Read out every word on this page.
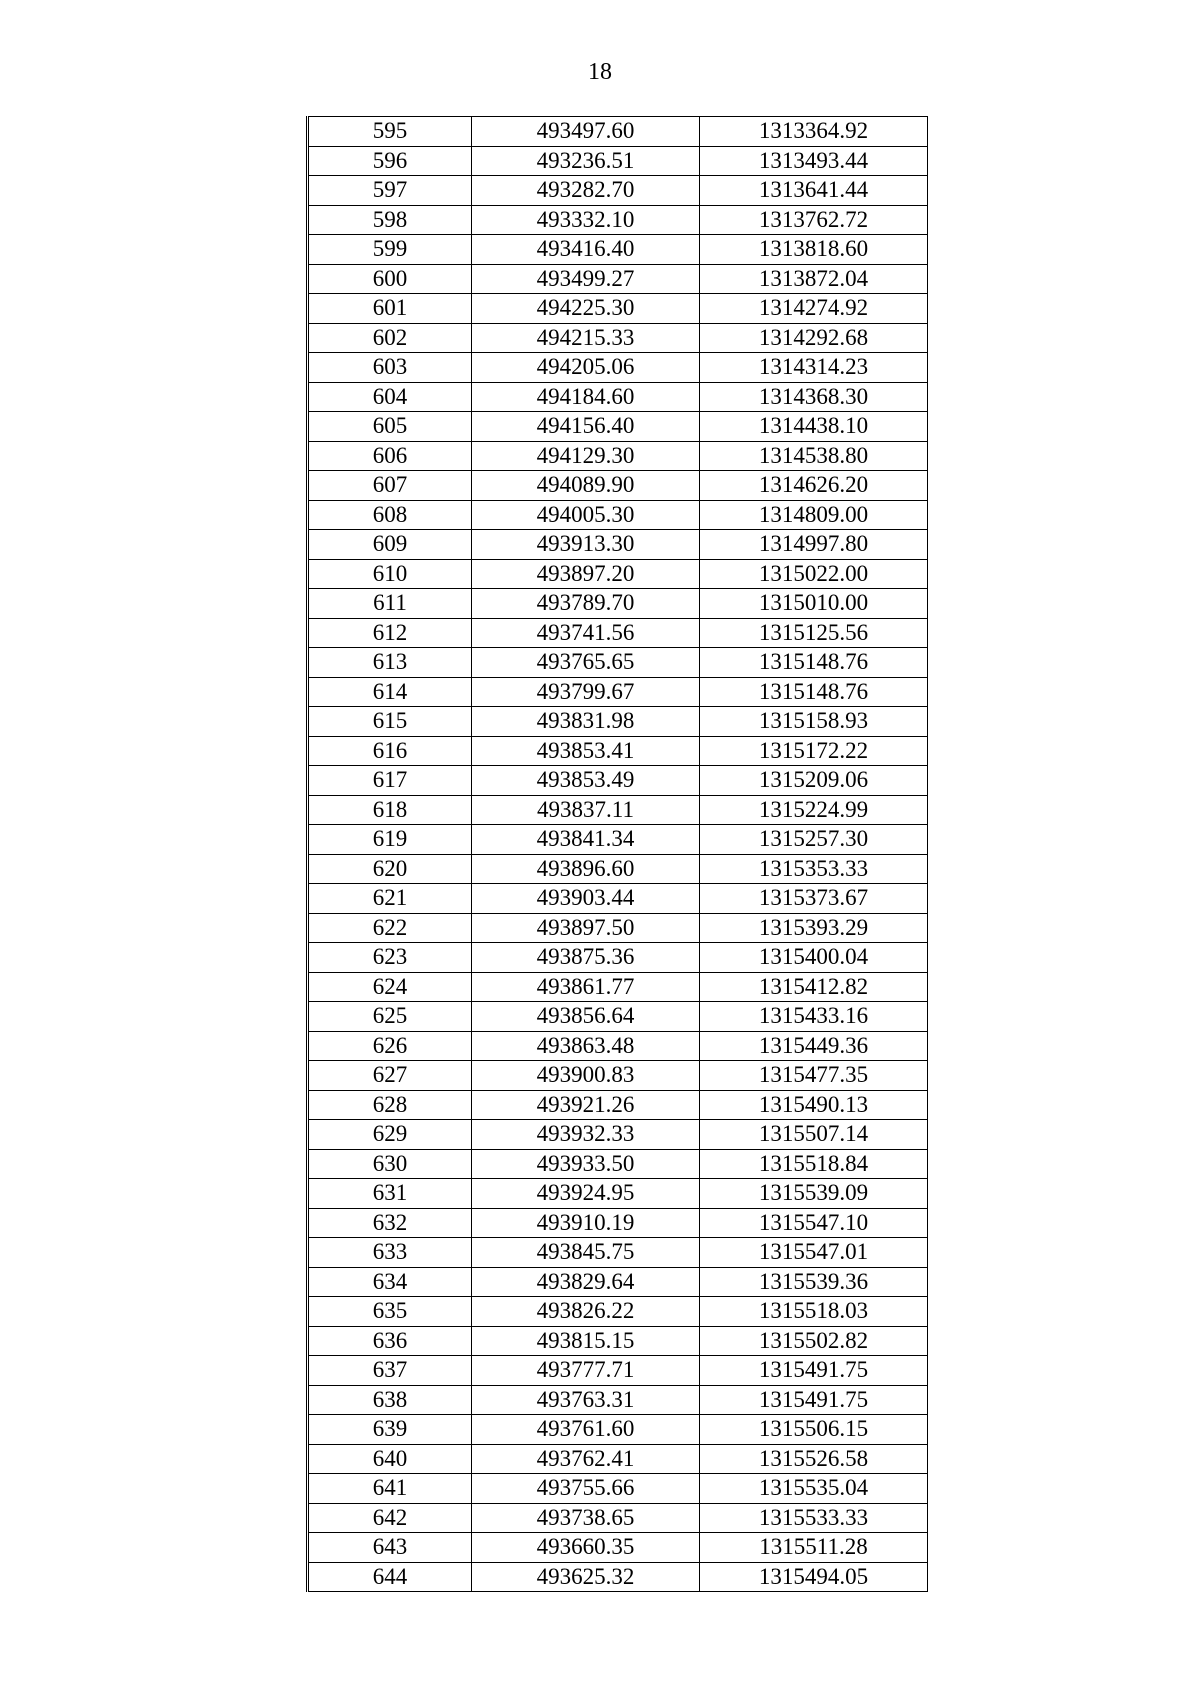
18
595	493497.60	1313364.92
596	493236.51	1313493.44
597	493282.70	1313641.44
598	493332.10	1313762.72
599	493416.40	1313818.60
600	493499.27	1313872.04
601	494225.30	1314274.92
602	494215.33	1314292.68
603	494205.06	1314314.23
604	494184.60	1314368.30
605	494156.40	1314438.10
606	494129.30	1314538.80
607	494089.90	1314626.20
608	494005.30	1314809.00
609	493913.30	1314997.80
610	493897.20	1315022.00
611	493789.70	1315010.00
612	493741.56	1315125.56
613	493765.65	1315148.76
614	493799.67	1315148.76
615	493831.98	1315158.93
616	493853.41	1315172.22
617	493853.49	1315209.06
618	493837.11	1315224.99
619	493841.34	1315257.30
620	493896.60	1315353.33
621	493903.44	1315373.67
622	493897.50	1315393.29
623	493875.36	1315400.04
624	493861.77	1315412.82
625	493856.64	1315433.16
626	493863.48	1315449.36
627	493900.83	1315477.35
628	493921.26	1315490.13
629	493932.33	1315507.14
630	493933.50	1315518.84
631	493924.95	1315539.09
632	493910.19	1315547.10
633	493845.75	1315547.01
634	493829.64	1315539.36
635	493826.22	1315518.03
636	493815.15	1315502.82
637	493777.71	1315491.75
638	493763.31	1315491.75
639	493761.60	1315506.15
640	493762.41	1315526.58
641	493755.66	1315535.04
642	493738.65	1315533.33
643	493660.35	1315511.28
644	493625.32	1315494.05
